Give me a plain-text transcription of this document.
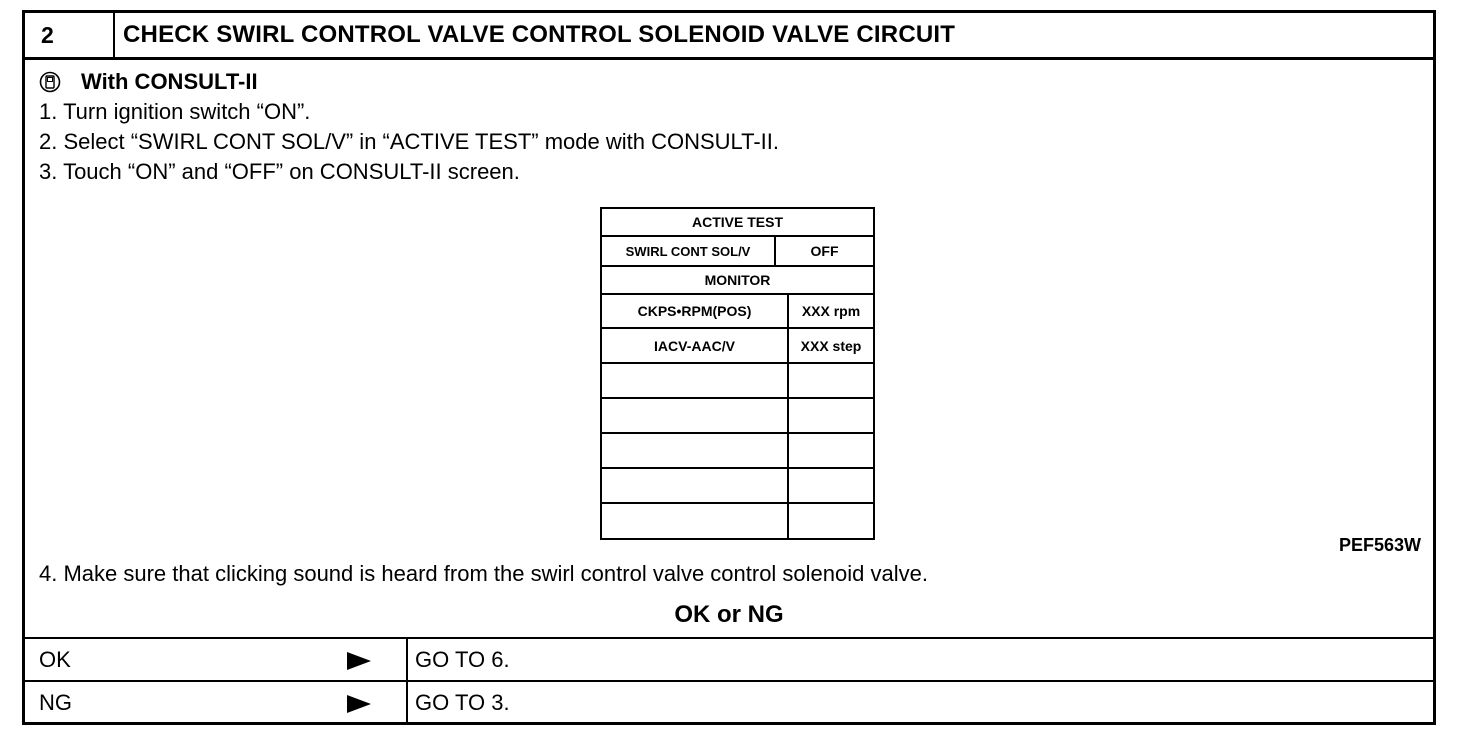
2	CHECK SWIRL CONTROL VALVE CONTROL SOLENOID VALVE CIRCUIT
With CONSULT-II
1. Turn ignition switch “ON”.
2. Select “SWIRL CONT SOL/V” in “ACTIVE TEST” mode with CONSULT-II.
3. Touch “ON” and “OFF” on CONSULT-II screen.
ACTIVE TEST
SWIRL CONT SOL/V	OFF
MONITOR
CKPS•RPM(POS)	XXX rpm
IACV-AAC/V	XXX step
PEF563W
4. Make sure that clicking sound is heard from the swirl control valve control solenoid valve.
OK or NG
OK	GO TO 6.
NG	GO TO 3.
